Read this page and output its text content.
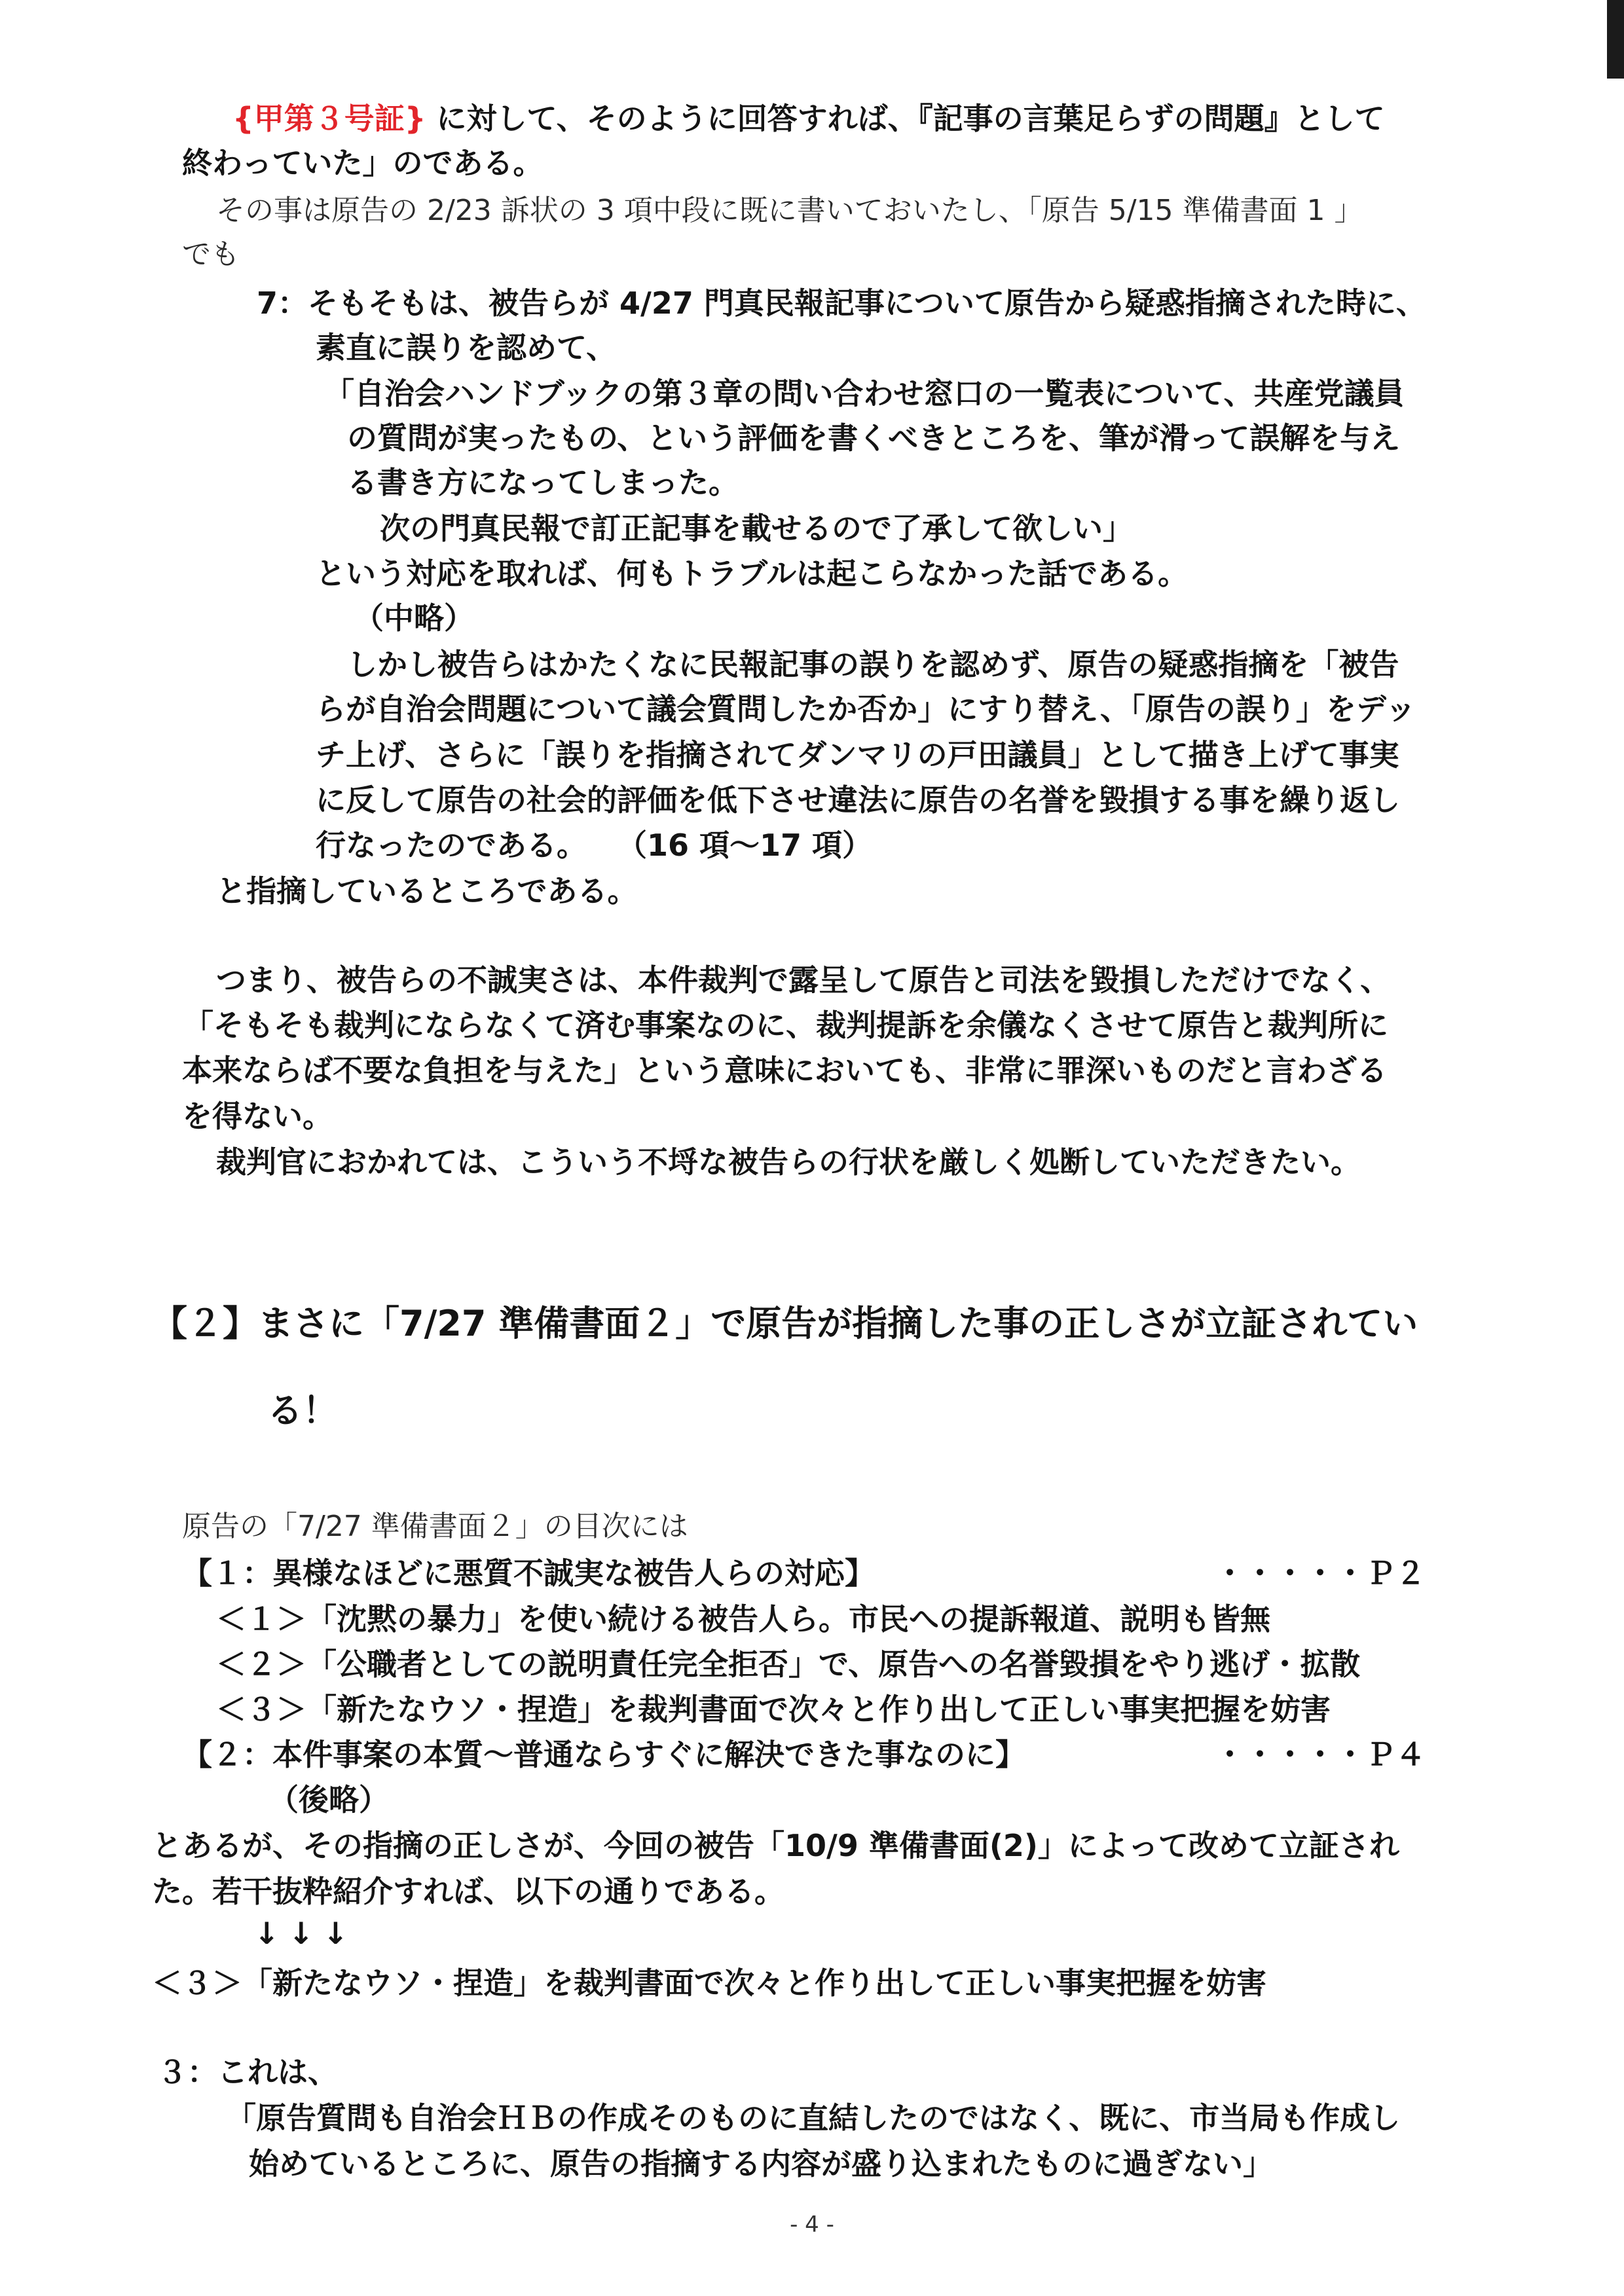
{甲第３号証} に対して、そのように回答すれば、『記事の言葉足らずの問題』として
終わっていた」のである。
その事は原告の 2/23 訴状の 3 項中段に既に書いておいたし、「原告 5/15 準備書面 1 」
でも
7：そもそもは、被告らが 4/27 門真民報記事について原告から疑惑指摘された時に、
素直に誤りを認めて、
「自治会ハンドブックの第３章の問い合わせ窓口の一覧表について、共産党議員
の質問が実ったもの、という評価を書くべきところを、筆が滑って誤解を与え
る書き方になってしまった。
次の門真民報で訂正記事を載せるので了承して欲しい」
という対応を取れば、何もトラブルは起こらなかった話である。
（中略）
しかし被告らはかたくなに民報記事の誤りを認めず、原告の疑惑指摘を「被告
らが自治会問題について議会質問したか否か」にすり替え、「原告の誤り」をデッ
チ上げ、さらに「誤りを指摘されてダンマリの戸田議員」として描き上げて事実
に反して原告の社会的評価を低下させ違法に原告の名誉を毀損する事を繰り返し
行なったのである。　　（16 項～17 項）
と指摘しているところである。
つまり、被告らの不誠実さは、本件裁判で露呈して原告と司法を毀損しただけでなく、
「そもそも裁判にならなくて済む事案なのに、裁判提訴を余儀なくさせて原告と裁判所に
本来ならば不要な負担を与えた」という意味においても、非常に罪深いものだと言わざる
を得ない。
裁判官におかれては、こういう不埒な被告らの行状を厳しく処断していただきたい。
【２】まさに「7/27 準備書面２」で原告が指摘した事の正しさが立証されてい
る！
原告の「7/27 準備書面２」の目次には
【１：異様なほどに悪質不誠実な被告人らの対応】	・・・・・Ｐ２
＜１＞「沈黙の暴力」を使い続ける被告人ら。市民への提訴報道、説明も皆無
＜２＞「公職者としての説明責任完全拒否」で、原告への名誉毀損をやり逃げ・拡散
＜３＞「新たなウソ・捏造」を裁判書面で次々と作り出して正しい事実把握を妨害
【２：本件事案の本質～普通ならすぐに解決できた事なのに】	・・・・・Ｐ４
（後略）
とあるが、その指摘の正しさが、今回の被告「10/9 準備書面(2)」によって改めて立証され
た。若干抜粋紹介すれば、以下の通りである。
↓↓↓
＜３＞「新たなウソ・捏造」を裁判書面で次々と作り出して正しい事実把握を妨害
３：これは、
「原告質問も自治会ＨＢの作成そのものに直結したのではなく、既に、市当局も作成し
始めているところに、原告の指摘する内容が盛り込まれたものに過ぎない」
- 4 -
